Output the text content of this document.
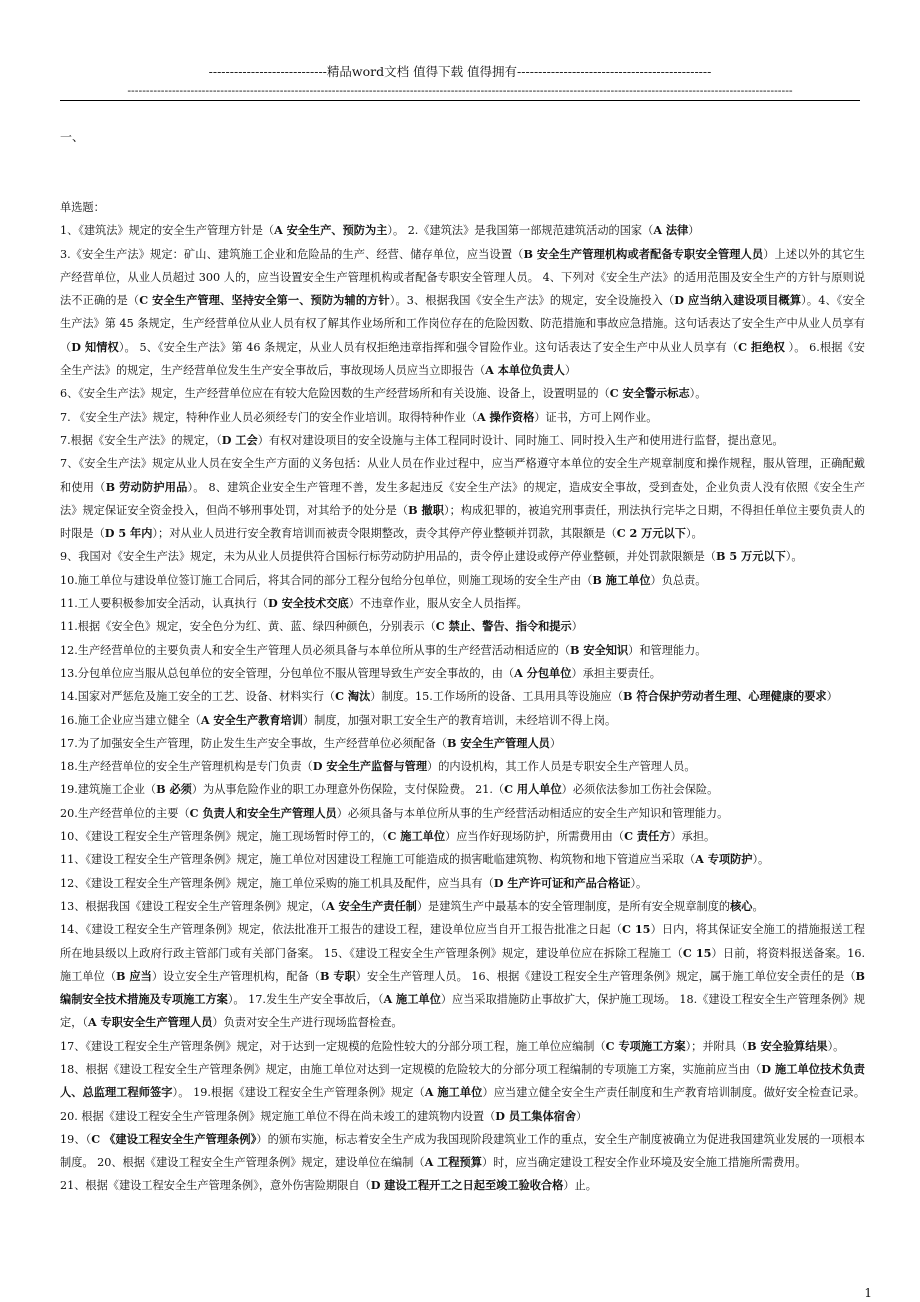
----------------------------精品word文档 值得下载 值得拥有----------------------------------------------
-----------------------------------------------------------------------------------------------------------------------------------------------------------------------------------
一、

单选题：

1、《建筑法》规定的安全生产管理方针是（A 安全生产、预防为主）。 2.《建筑法》是我国第一部规范建筑活动的国家（A 法律）

3.《安全生产法》规定：矿山、建筑施工企业和危险品的生产、经营、储存单位，应当设置（B 安全生产管理机构或者配备专职安全管理人员）上述以外的其它生产经营单位，从业人员超过 300 人的，应当设置安全生产管理机构或者配备专职安全管理人员。 4、下列对《安全生产法》的适用范围及安全生产的方针与原则说法不正确的是（C 安全生产管理、坚持安全第一、预防为辅的方针）。3、根据我国《安全生产法》的规定，安全设施投入（D 应当纳入建设项目概算）。4、《安全生产法》第 45 条规定，生产经营单位从业人员有权了解其作业场所和工作岗位存在的危险因数、防范措施和事故应急措施。这句话表达了安全生产中从业人员享有（D 知情权）。 5、《安全生产法》第 46 条规定，从业人员有权拒绝违章指挥和强令冒险作业。这句话表达了安全生产中从业人员享有（C 拒绝权 ）。 6.根据《安全生产法》的规定，生产经营单位发生生产安全事故后，事故现场人员应当立即报告（A 本单位负责人）

6、《安全生产法》规定，生产经营单位应在有较大危险因数的生产经营场所和有关设施、设备上，设置明显的（C 安全警示标志）。

7. 《安全生产法》规定，特种作业人员必须经专门的安全作业培训。取得特种作业（A 操作资格）证书，方可上网作业。

7.根据《安全生产法》的规定，（D 工会）有权对建设项目的安全设施与主体工程同时设计、同时施工、同时投入生产和使用进行监督，提出意见。

7、《安全生产法》规定从业人员在安全生产方面的义务包括：从业人员在作业过程中，应当严格遵守本单位的安全生产规章制度和操作规程，服从管理，正确配戴和使用（B 劳动防护用品）。 8、建筑企业安全生产管理不善，发生多起违反《安全生产法》的规定，造成安全事故，受到查处，企业负责人没有依照《安全生产法》规定保证安全资金投入，但尚不够刑事处罚，对其给予的处分是（B 撤职）；构成犯罪的，被追究刑事责任，刑法执行完毕之日期，不得担任单位主要负责人的时限是（D 5 年内）；对从业人员进行安全教育培训而被责令限期整改，责令其停产停业整顿并罚款，其限额是（C 2 万元以下）。

9、我国对《安全生产法》规定，未为从业人员提供符合国标行标劳动防护用品的，责令停止建设或停产停业整顿，并处罚款限额是（B 5 万元以下）。

10.施工单位与建设单位签订施工合同后，将其合同的部分工程分包给分包单位，则施工现场的安全生产由（B 施工单位）负总责。

11.工人要积极参加安全活动，认真执行（D 安全技术交底）不违章作业，服从安全人员指挥。

11.根据《安全色》规定，安全色分为红、黄、蓝、绿四种颜色，分别表示（C 禁止、警告、指令和提示）

12.生产经营单位的主要负责人和安全生产管理人员必须具备与本单位所从事的生产经营活动相适应的（B 安全知识）和管理能力。

13.分包单位应当服从总包单位的安全管理，分包单位不服从管理导致生产安全事故的，由（A 分包单位）承担主要责任。

14.国家对严惩危及施工安全的工艺、设备、材料实行（C 淘汰）制度。15.工作场所的设备、工具用具等设施应（B 符合保护劳动者生理、心理健康的要求）

16.施工企业应当建立健全（A 安全生产教育培训）制度，加强对职工安全生产的教育培训，未经培训不得上岗。

17.为了加强安全生产管理，防止发生生产安全事故，生产经营单位必须配备（B 安全生产管理人员）

18.生产经营单位的安全生产管理机构是专门负责（D 安全生产监督与管理）的内设机构，其工作人员是专职安全生产管理人员。

19.建筑施工企业（B 必须）为从事危险作业的职工办理意外伤保险，支付保险费。 21.（C 用人单位）必须依法参加工伤社会保险。

20.生产经营单位的主要（C 负责人和安全生产管理人员）必须具备与本单位所从事的生产经营活动相适应的安全生产知识和管理能力。

10、《建设工程安全生产管理条例》规定，施工现场暂时停工的，（C 施工单位）应当作好现场防护，所需费用由（C 责任方）承担。

11、《建设工程安全生产管理条例》规定，施工单位对因建设工程施工可能造成的损害毗临建筑物、构筑物和地下管道应当采取（A 专项防护）。

12、《建设工程安全生产管理条例》规定，施工单位采购的施工机具及配件，应当具有（D 生产许可证和产品合格证）。

13、根据我国《建设工程安全生产管理条例》规定，（A 安全生产责任制）是建筑生产中最基本的安全管理制度，是所有安全规章制度的核心。

14、《建设工程安全生产管理条例》规定，依法批准开工报告的建设工程，建设单位应当自开工报告批准之日起（C 15）日内，将其保证安全施工的措施报送工程所在地县级以上政府行政主管部门或有关部门备案。 15、《建设工程安全生产管理条例》规定，建设单位应在拆除工程施工（C 15）日前，将资料报送备案。16.施工单位（B 应当）设立安全生产管理机构，配备（B 专职）安全生产管理人员。 16、根据《建设工程安全生产管理条例》规定，属于施工单位安全责任的是（B 编制安全技术措施及专项施工方案）。 17.发生生产安全事故后，（A 施工单位）应当采取措施防止事故扩大，保护施工现场。 18.《建设工程安全生产管理条例》规定，（A 专职安全生产管理人员）负责对安全生产进行现场监督检查。

17、《建设工程安全生产管理条例》规定，对于达到一定规模的危险性较大的分部分项工程，施工单位应编制（C 专项施工方案）；并附具（B 安全验算结果）。

18、根据《建设工程安全生产管理条例》规定，由施工单位对达到一定规模的危险较大的分部分项工程编制的专项施工方案，实施前应当由（D 施工单位技术负责人、总监理工程师签字）。 19.根据《建设工程安全生产管理条例》规定（A 施工单位）应当建立健全安全生产责任制度和生产教育培训制度。做好安全检查记录。 20. 根据《建设工程安全生产管理条例》规定施工单位不得在尚未竣工的建筑物内设置（D 员工集体宿舍）

19、（C 《建设工程安全生产管理条例》）的颁布实施，标志着安全生产成为我国现阶段建筑业工作的重点，安全生产制度被确立为促进我国建筑业发展的一项根本制度。 20、根据《建设工程安全生产管理条例》规定，建设单位在编制（A 工程预算）时，应当确定建设工程安全作业环境及安全施工措施所需费用。

21、根据《建设工程安全生产管理条例》，意外伤害险期限自（D 建设工程开工之日起至竣工验收合格）止。

1
